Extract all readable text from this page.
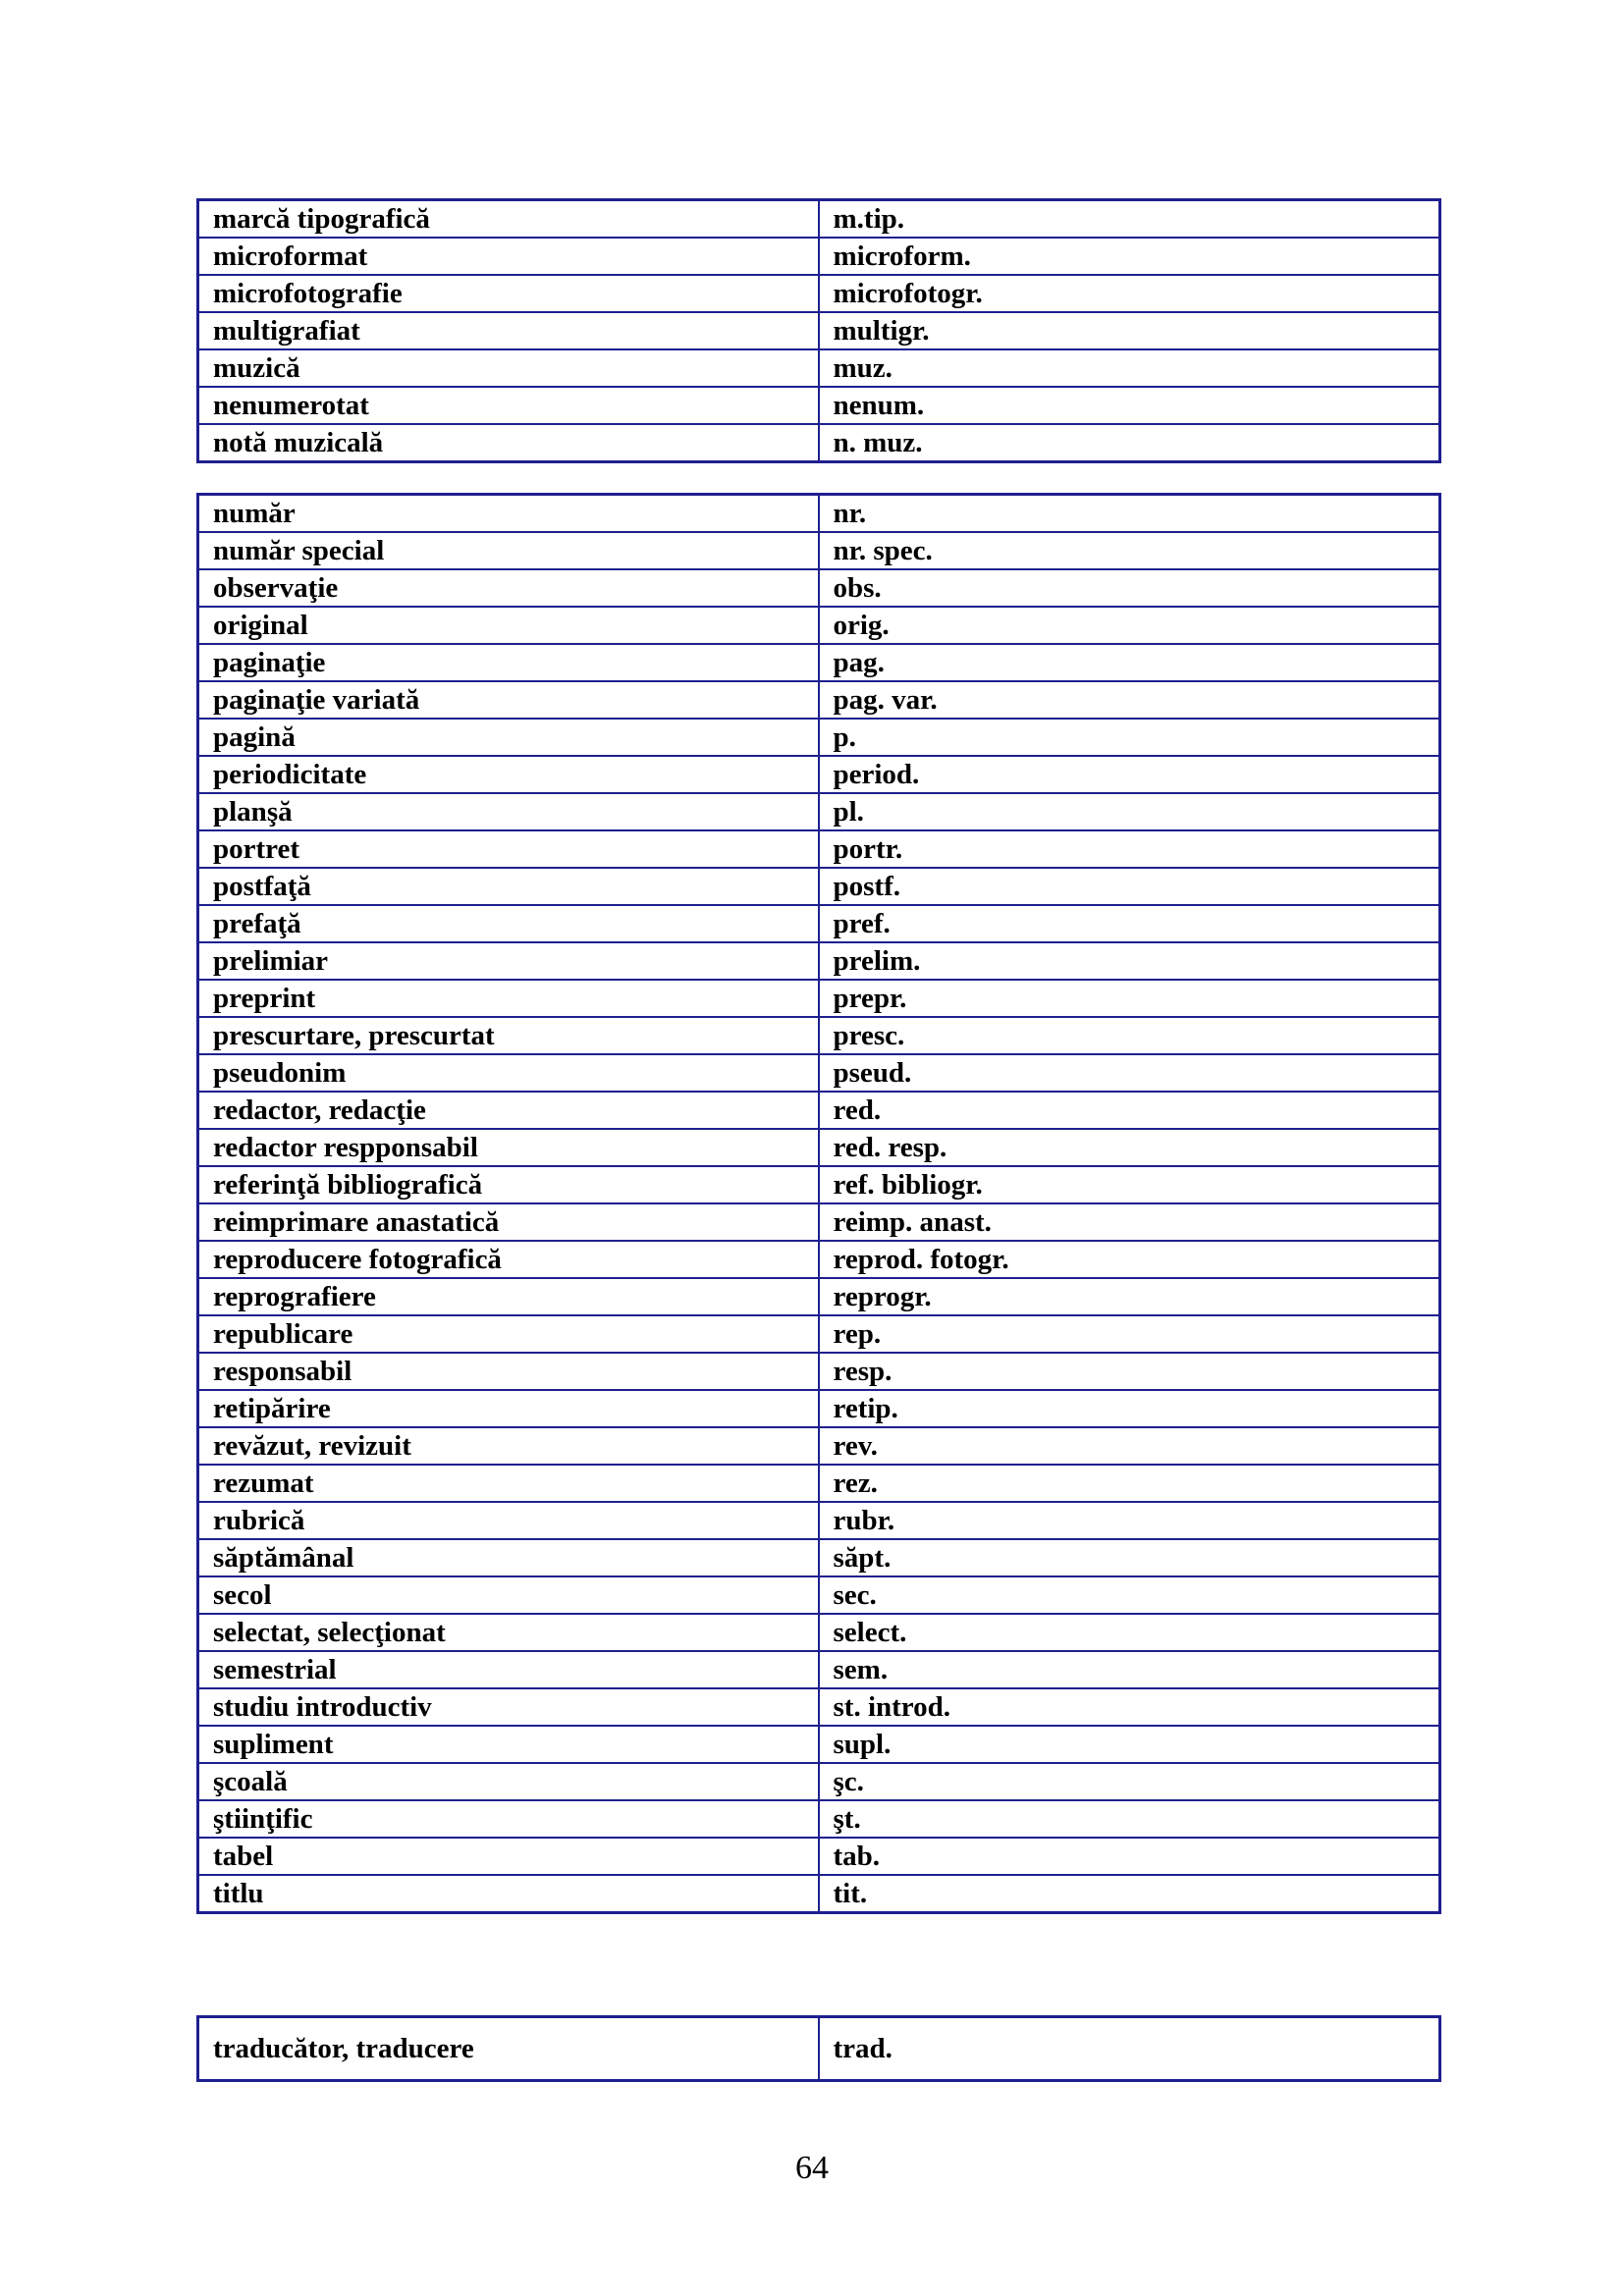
marcă tipografică	m.tip.
microformat	microform.
microfotografie	microfotogr.
multigrafiat	multigr.
muzică	muz.
nenumerotat	nenum.
notă muzicală	n. muz.
număr	nr.
număr special	nr. spec.
observaţie	obs.
original	orig.
paginaţie	pag.
paginaţie variată	pag. var.
pagină	p.
periodicitate	period.
planşă	pl.
portret	portr.
postfaţă	postf.
prefaţă	pref.
prelimiar	prelim.
preprint	prepr.
prescurtare, prescurtat	presc.
pseudonim	pseud.
redactor, redacţie	red.
redactor respponsabil	red. resp.
referinţă bibliografică	ref. bibliogr.
reimprimare anastatică	reimp. anast.
reproducere fotografică	reprod. fotogr.
reprografiere	reprogr.
republicare	rep.
responsabil	resp.
retipărire	retip.
revăzut, revizuit	rev.
rezumat	rez.
rubrică	rubr.
săptămânal	săpt.
secol	sec.
selectat, selecţionat	select.
semestrial	sem.
studiu introductiv	st. introd.
supliment	supl.
şcoală	şc.
ştiinţific	şt.
tabel	tab.
titlu	tit.
traducător, traducere	trad.
64
